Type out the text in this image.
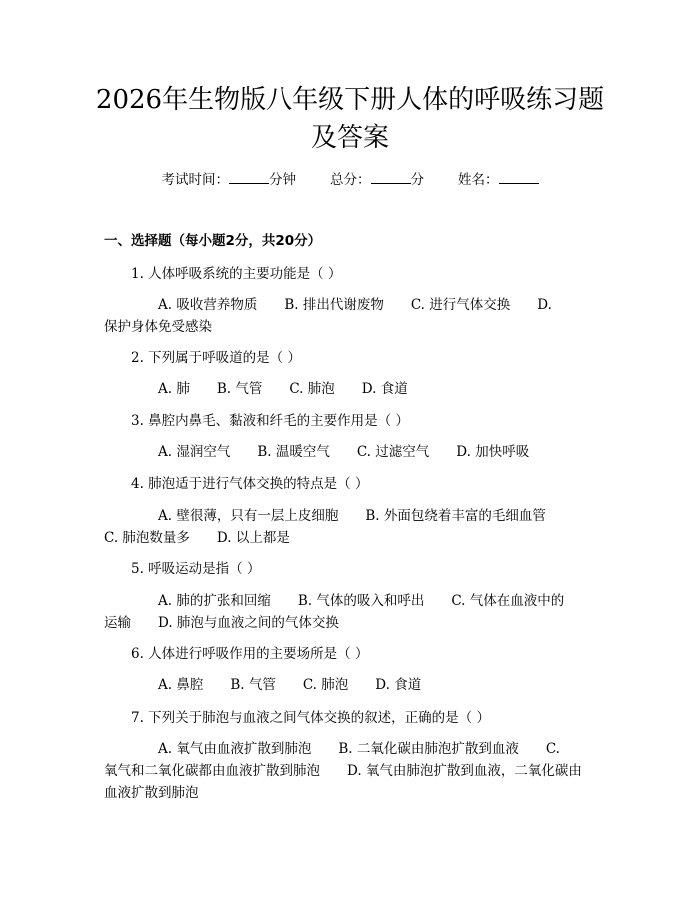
2026年生物版八年级下册人体的呼吸练习题
及答案
考试时间：	分钟	总分：	分	姓名：
一、选择题（每小题2分，共20分）
1. 人体呼吸系统的主要功能是（ ）
A. 吸收营养物质　　B. 排出代谢废物　　C. 进行气体交换　　D.
保护身体免受感染
2. 下列属于呼吸道的是（ ）
A. 肺　　B. 气管　　C. 肺泡　　D. 食道
3. 鼻腔内鼻毛、黏液和纤毛的主要作用是（ ）
A. 湿润空气　　B. 温暖空气　　C. 过滤空气　　D. 加快呼吸
4. 肺泡适于进行气体交换的特点是（ ）
A. 壁很薄，只有一层上皮细胞　　B. 外面包绕着丰富的毛细血管
C. 肺泡数量多　　D. 以上都是
5. 呼吸运动是指（ ）
A. 肺的扩张和回缩　　B. 气体的吸入和呼出　　C. 气体在血液中的
运输　　D. 肺泡与血液之间的气体交换
6. 人体进行呼吸作用的主要场所是（ ）
A. 鼻腔　　B. 气管　　C. 肺泡　　D. 食道
7. 下列关于肺泡与血液之间气体交换的叙述，正确的是（ ）
A. 氧气由血液扩散到肺泡　　B. 二氧化碳由肺泡扩散到血液　　C.
氧气和二氧化碳都由血液扩散到肺泡　　D. 氧气由肺泡扩散到血液，二氧化碳由
血液扩散到肺泡
